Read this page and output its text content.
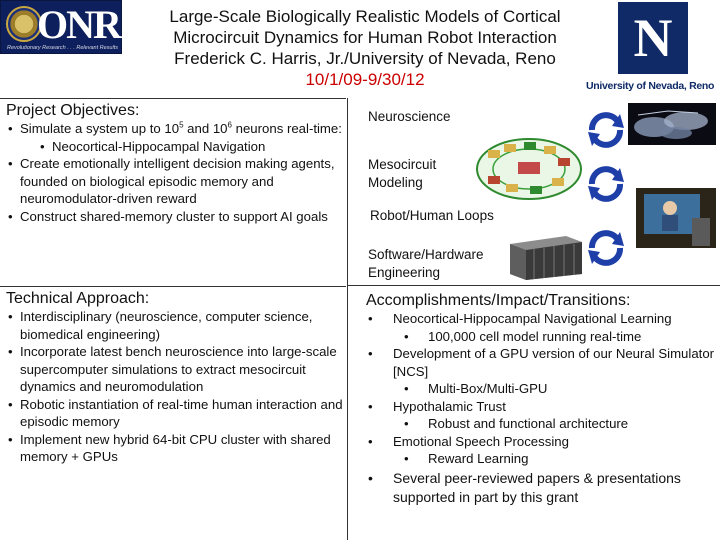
ONR
Revolutionary Research . . . Relevant Results
Large-Scale Biologically Realistic Models of Cortical
Microcircuit Dynamics for Human Robot Interaction
Frederick C. Harris, Jr./University of Nevada, Reno
10/1/09-9/30/12
N
University of Nevada, Reno
Project Objectives:
• Simulate a system up to $10^5$ and $10^6$ neurons real-time:
• Neocortical-Hippocampal Navigation
• Create emotionally intelligent decision making agents, founded on biological episodic memory and neuromodulator-driven reward
• Construct shared-memory cluster to support AI goals
Technical Approach:
• Interdisciplinary (neuroscience, computer science, biomedical engineering)
• Incorporate latest bench neuroscience into large-scale supercomputer simulations to extract mesocircuit dynamics and neuromodulation
• Robotic instantiation of real-time human interaction and episodic memory
• Implement new hybrid 64-bit CPU cluster with shared memory + GPUs
Neuroscience
Mesocircuit
Modeling
Robot/Human Loops
Software/Hardware
Engineering
Accomplishments/Impact/Transitions:
• Neocortical-Hippocampal Navigational Learning
• 100,000 cell model running real-time
• Development of a GPU version of our Neural Simulator [NCS]
• Multi-Box/Multi-GPU
• Hypothalamic Trust
• Robust and functional architecture
• Emotional Speech Processing
• Reward Learning
• Several peer-reviewed papers & presentations supported in part by this grant
